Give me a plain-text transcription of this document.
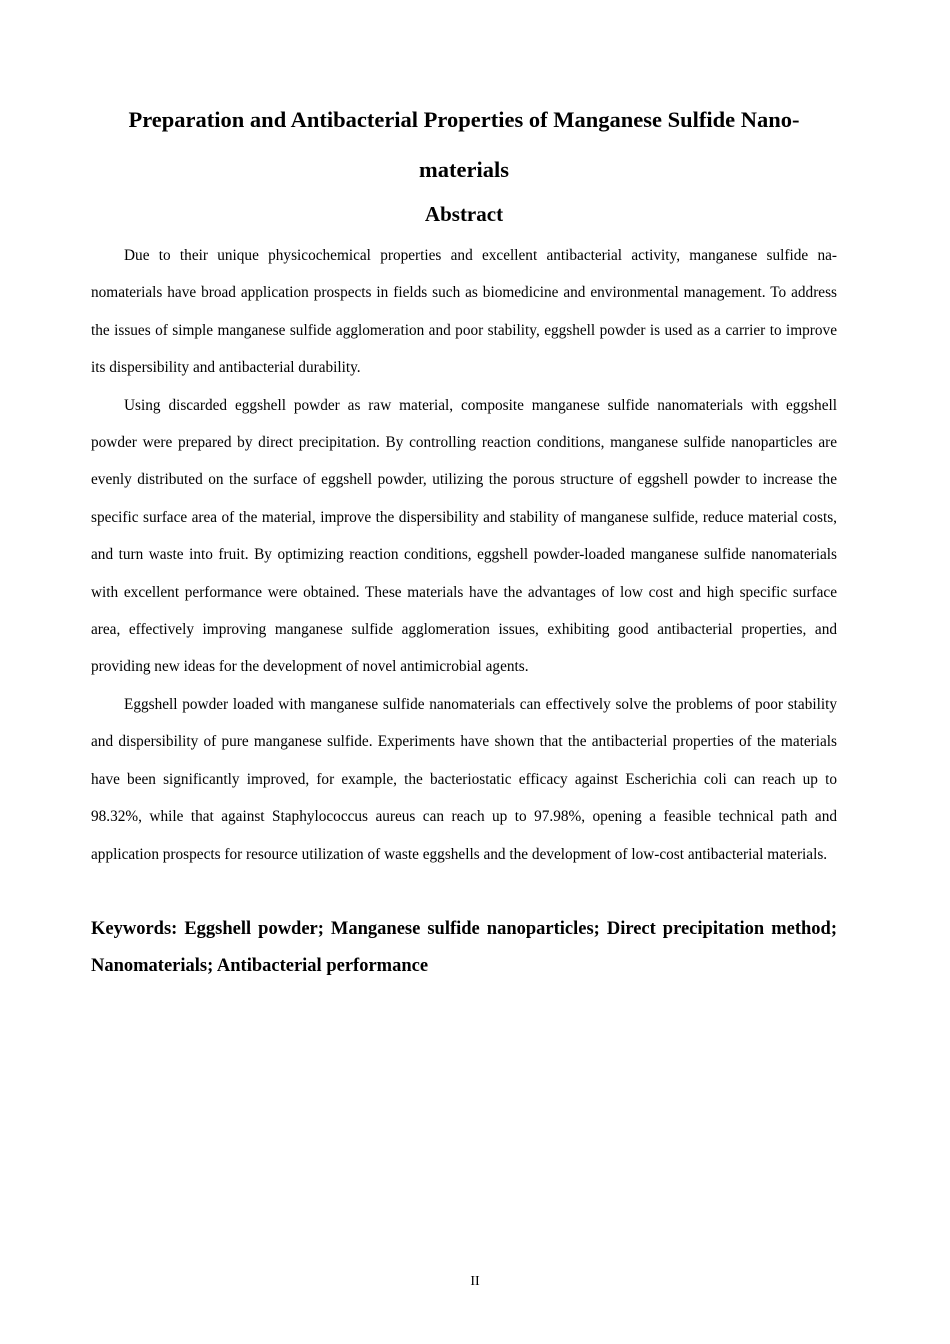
Preparation and Antibacterial Properties of Manganese Sulfide Nanomaterials
Abstract

Due to their unique physicochemical properties and excellent antibacterial activity, manganese sulfide nanomaterials have broad application prospects in fields such as biomedicine and environmental management. To address the issues of simple manganese sulfide agglomeration and poor stability, eggshell powder is used as a carrier to improve its dispersibility and antibacterial durability.

Using discarded eggshell powder as raw material, composite manganese sulfide nanomaterials with eggshell powder were prepared by direct precipitation. By controlling reaction conditions, manganese sulfide nanoparticles are evenly distributed on the surface of eggshell powder, utilizing the porous structure of eggshell powder to increase the specific surface area of the material, improve the dispersibility and stability of manganese sulfide, reduce material costs, and turn waste into fruit. By optimizing reaction conditions, eggshell powder-loaded manganese sulfide nanomaterials with excellent performance were obtained. These materials have the advantages of low cost and high specific surface area, effectively improving manganese sulfide agglomeration issues, exhibiting good antibacterial properties, and providing new ideas for the development of novel antimicrobial agents.

Eggshell powder loaded with manganese sulfide nanomaterials can effectively solve the problems of poor stability and dispersibility of pure manganese sulfide. Experiments have shown that the antibacterial properties of the materials have been significantly improved, for example, the bacteriostatic efficacy against Escherichia coli can reach up to 98.32%, while that against Staphylococcus aureus can reach up to 97.98%, opening a feasible technical path and application prospects for resource utilization of waste eggshells and the development of low-cost antibacterial materials.

Keywords: Eggshell powder; Manganese sulfide nanoparticles; Direct precipitation method; Nanomaterials; Antibacterial performance

II
